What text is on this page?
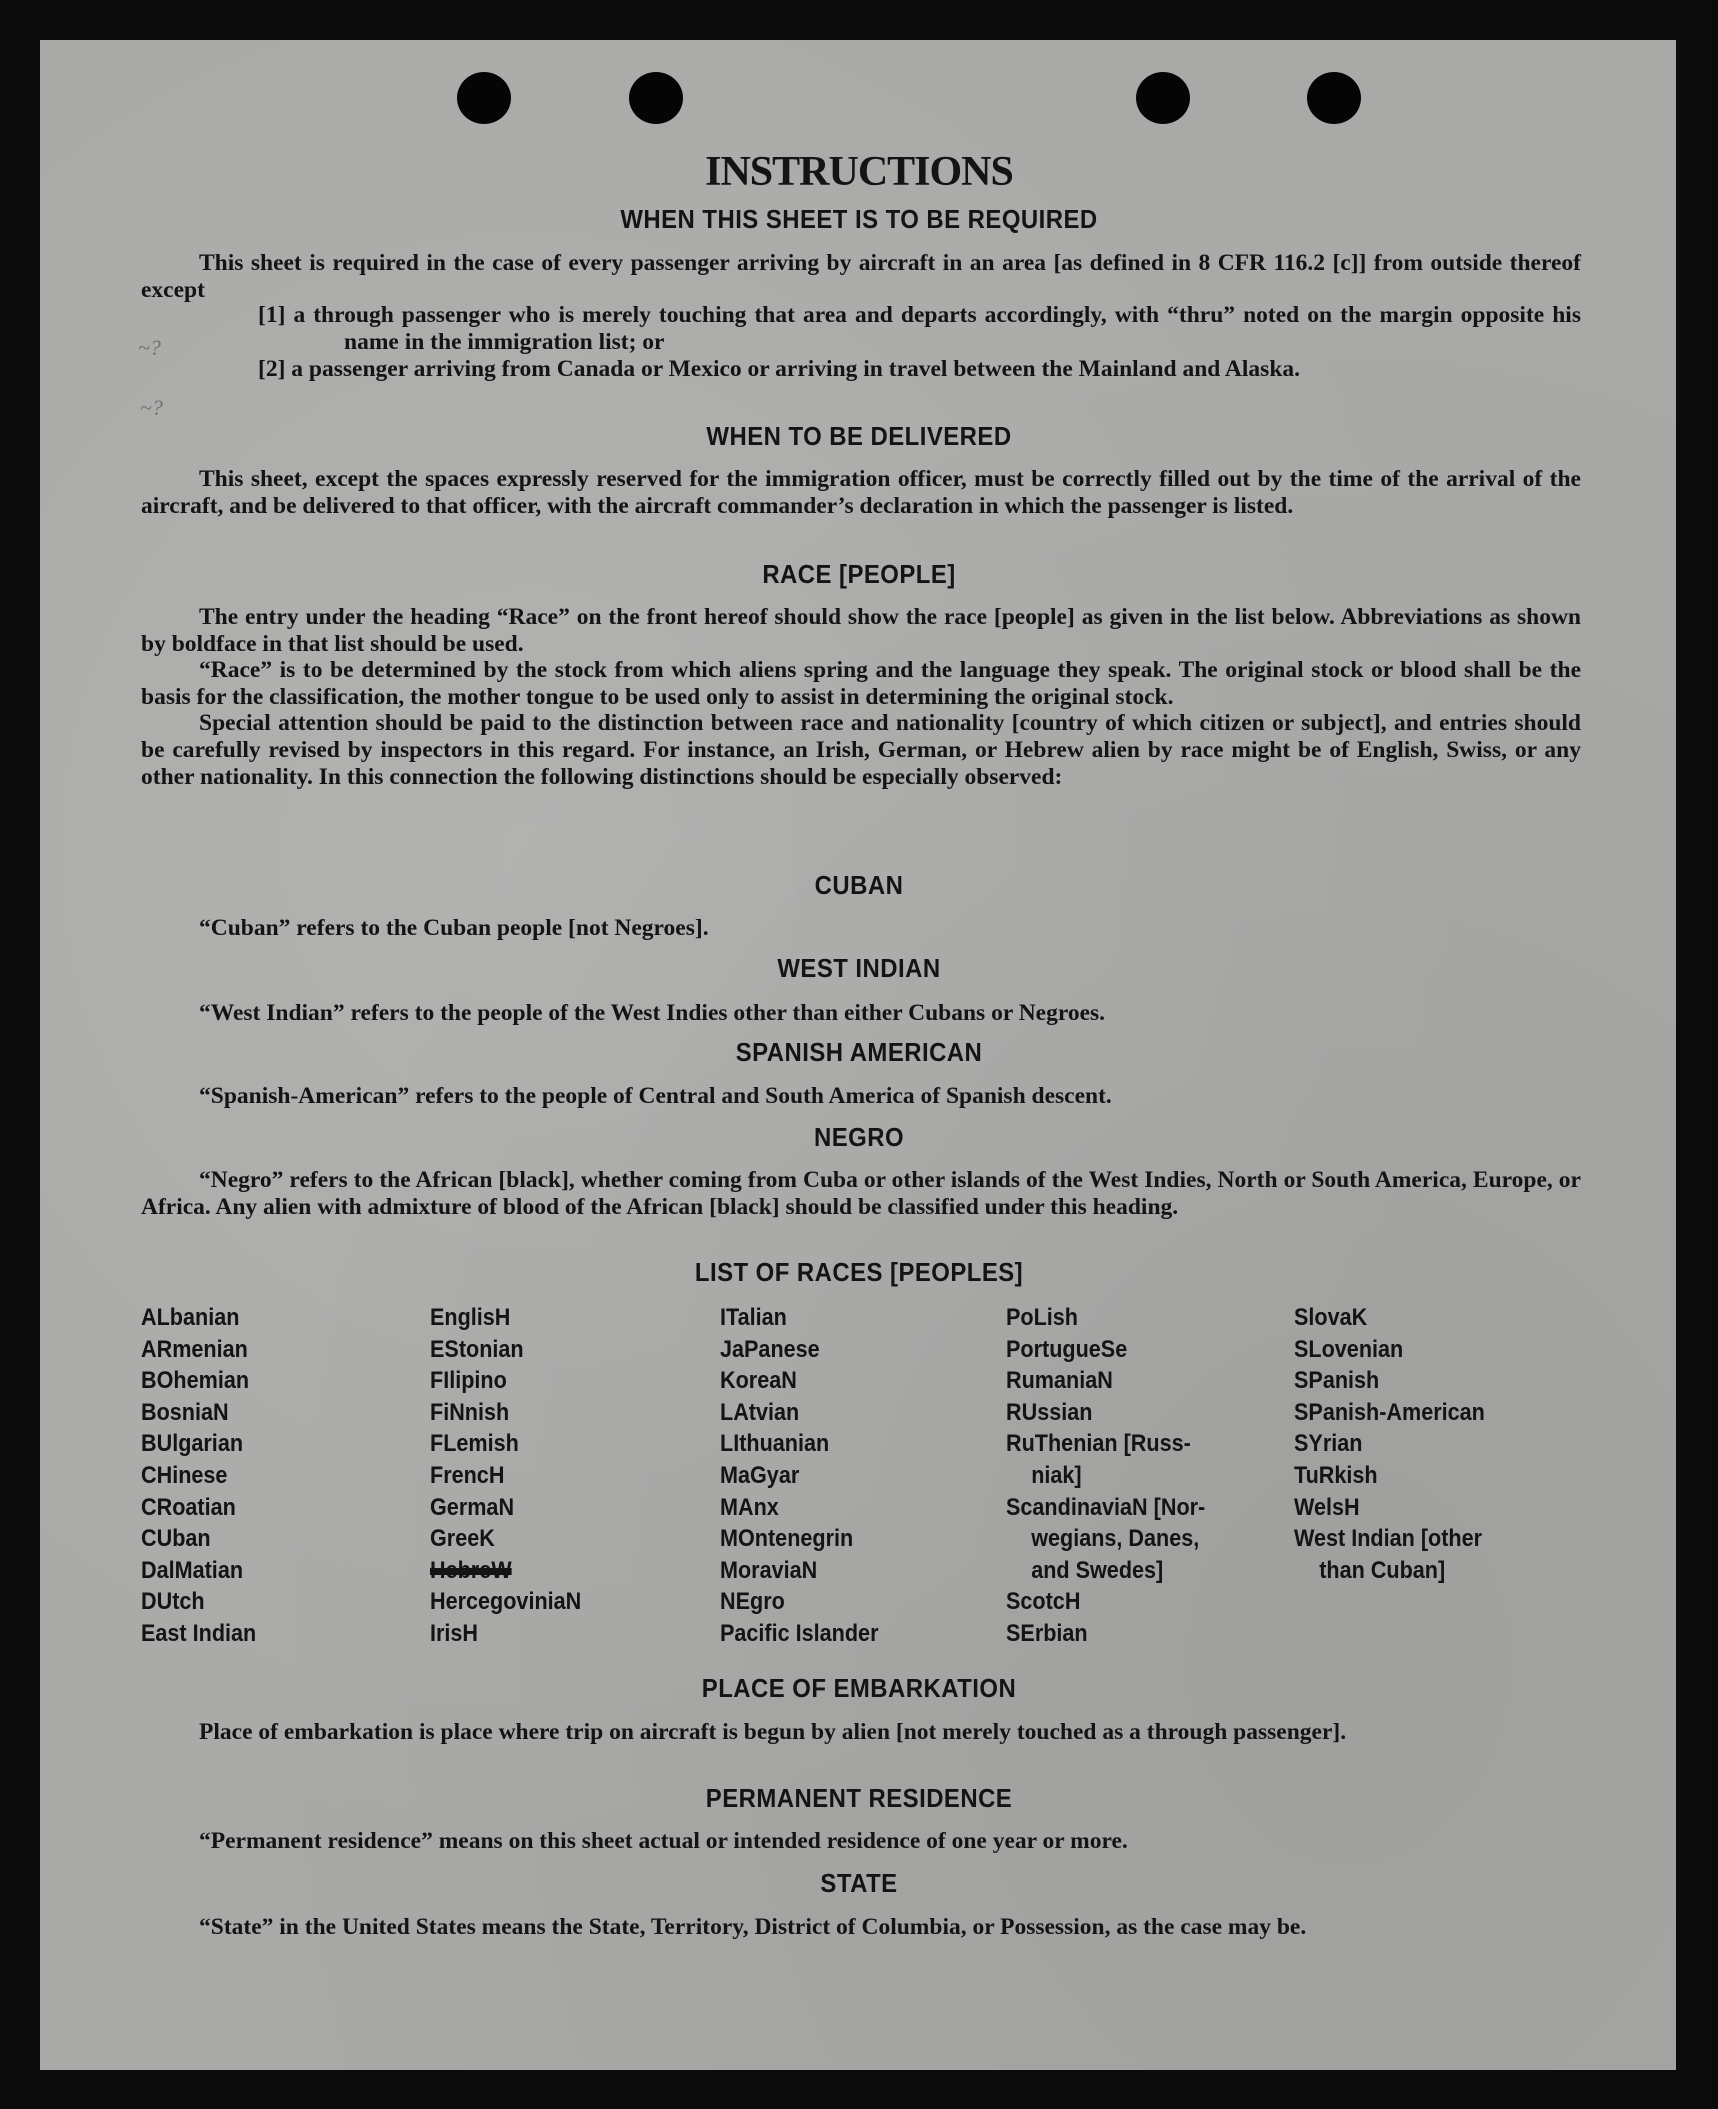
~?
~?
INSTRUCTIONS
WHEN THIS SHEET IS TO BE REQUIRED
This sheet is required in the case of every passenger arriving by aircraft in an area [as defined in 8 CFR 116.2 [c]] from outside thereof except
[1] a through passenger who is merely touching that area and departs accordingly, with “thru” noted on the margin opposite his name in the immigration list; or
[2] a passenger arriving from Canada or Mexico or arriving in travel between the Mainland and Alaska.
WHEN TO BE DELIVERED
This sheet, except the spaces expressly reserved for the immigration officer, must be correctly filled out by the time of the arrival of the aircraft, and be delivered to that officer, with the aircraft commander’s declaration in which the passenger is listed.
RACE [PEOPLE]
The entry under the heading “Race” on the front hereof should show the race [people] as given in the list below. Abbreviations as shown by boldface in that list should be used.
“Race” is to be determined by the stock from which aliens spring and the language they speak. The original stock or blood shall be the basis for the classification, the mother tongue to be used only to assist in determining the original stock.
Special attention should be paid to the distinction between race and nationality [country of which citizen or subject], and entries should be carefully revised by inspectors in this regard. For instance, an Irish, German, or Hebrew alien by race might be of English, Swiss, or any other nationality. In this connection the following distinctions should be especially observed:
CUBAN
“Cuban” refers to the Cuban people [not Negroes].
WEST INDIAN
“West Indian” refers to the people of the West Indies other than either Cubans or Negroes.
SPANISH AMERICAN
“Spanish-American” refers to the people of Central and South America of Spanish descent.
NEGRO
“Negro” refers to the African [black], whether coming from Cuba or other islands of the West Indies, North or South America, Europe, or Africa. Any alien with admixture of blood of the African [black] should be classified under this heading.
LIST OF RACES [PEOPLES]
ALbanian
ARmenian
BOhemian
BosniaN
BUlgarian
CHinese
CRoatian
CUban
DalMatian
DUtch
East Indian
EnglisH
EStonian
FIlipino
FiNnish
FLemish
FrencH
GermaN
GreeK
HebreW
HercegoviniaN
IrisH
ITalian
JaPanese
KoreaN
LAtvian
LIthuanian
MaGyar
MAnx
MOntenegrin
MoraviaN
NEgro
Pacific Islander
PoLish
PortugueSe
RumaniaN
RUssian
RuThenian [Russ-
niak]
ScandinaviaN [Nor-
wegians, Danes,
and Swedes]
ScotcH
SErbian
SlovaK
SLovenian
SPanish
SPanish-American
SYrian
TuRkish
WelsH
West Indian [other
than Cuban]
PLACE OF EMBARKATION
Place of embarkation is place where trip on aircraft is begun by alien [not merely touched as a through passenger].
PERMANENT RESIDENCE
“Permanent residence” means on this sheet actual or intended residence of one year or more.
STATE
“State” in the United States means the State, Territory, District of Columbia, or Possession, as the case may be.
